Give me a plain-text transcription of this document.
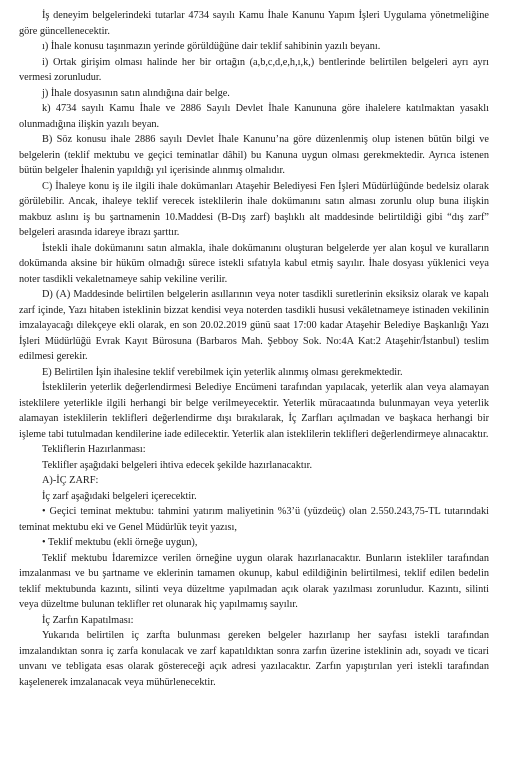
İş deneyim belgelerindeki tutarlar 4734 sayılı Kamu İhale Kanunu Yapım İşleri Uygulama yönetmeliğine göre güncellenecektir.

ı) İhale konusu taşınmazın yerinde görüldüğüne dair teklif sahibinin yazılı beyanı.

i) Ortak girişim olması halinde her bir ortağın (a,b,c,d,e,h,ı,k,) bentlerinde belirtilen belgeleri ayrı ayrı vermesi zorunludur.

j) İhale dosyasının satın alındığına dair belge.

k) 4734 sayılı Kamu İhale ve 2886 Sayılı Devlet İhale Kanununa göre ihalelere katılmaktan yasaklı olunmadığına ilişkin yazılı beyan.

B) Söz konusu ihale 2886 sayılı Devlet İhale Kanunu’na göre düzenlenmiş olup istenen bütün bilgi ve belgelerin (teklif mektubu ve geçici teminatlar dâhil) bu Kanuna uygun olması gerekmektedir. Ayrıca istenen bütün belgeler İhalenin yapıldığı yıl içerisinde alınmış olmalıdır.

C) İhaleye konu iş ile ilgili ihale dokümanları Ataşehir Belediyesi Fen İşleri Müdürlüğünde bedelsiz olarak görülebilir. Ancak, ihaleye teklif verecek isteklilerin ihale dokümanını satın alması zorunlu olup buna ilişkin makbuz aslını iş bu şartnamenin 10.Maddesi (B-Dış zarf) başlıklı alt maddesinde belirtildiği gibi “dış zarf” belgeleri arasında idareye ibrazı şarttır.

İstekli ihale dokümanını satın almakla, ihale dokümanını oluşturan belgelerde yer alan koşul ve kuralların dokümanda aksine bir hüküm olmadığı sürece istekli sıfatıyla kabul etmiş sayılır. İhale dosyası yüklenici veya noter tasdikli vekaletnameye sahip vekiline verilir.

D) (A) Maddesinde belirtilen belgelerin asıllarının veya noter tasdikli suretlerinin eksiksiz olarak ve kapalı zarf içinde, Yazı hitaben isteklinin bizzat kendisi veya noterden tasdikli hususi vekâletnameye istinaden vekilinin imzalayacağı dilekçeye ekli olarak, en son 20.02.2019 günü saat 17:00 kadar Ataşehir Belediye Başkanlığı Yazı İşleri Müdürlüğü Evrak Kayıt Bürosuna (Barbaros Mah. Şebboy Sok. No:4A Kat:2 Ataşehir/İstanbul) teslim edilmesi gerekir.

E) Belirtilen İşin ihalesine teklif verebilmek için yeterlik alınmış olması gerekmektedir.

İsteklilerin yeterlik değerlendirmesi Belediye Encümeni tarafından yapılacak, yeterlik alan veya alamayan isteklilere yeterlikle ilgili herhangi bir belge verilmeyecektir. Yeterlik müracaatında bulunmayan veya yeterlik alamayan isteklilerin teklifleri değerlendirme dışı bırakılarak, İç Zarfları açılmadan ve başkaca herhangi bir işleme tabi tutulmadan kendilerine iade edilecektir. Yeterlik alan isteklilerin teklifleri değerlendirmeye alınacaktır.

Tekliflerin Hazırlanması:

Teklifler aşağıdaki belgeleri ihtiva edecek şekilde hazırlanacaktır.

A)-İÇ ZARF:

İç zarf aşağıdaki belgeleri içerecektir.

• Geçici teminat mektubu: tahmini yatırım maliyetinin %3’ü (yüzdeüç) olan 2.550.243,75-TL tutarındaki teminat mektubu eki ve Genel Müdürlük teyit yazısı,

• Teklif mektubu (ekli örneğe uygun),

Teklif mektubu İdaremizce verilen örneğine uygun olarak hazırlanacaktır. Bunların istekliler tarafından imzalanması ve bu şartname ve eklerinin tamamen okunup, kabul edildiğinin belirtilmesi, teklif edilen bedelin teklif mektubunda kazıntı, silinti veya düzeltme yapılmadan açık olarak yazılması zorunludur. Kazıntı, silinti veya düzeltme bulunan teklifler ret olunarak hiç yapılmamış sayılır.

İç Zarfın Kapatılması:

Yukarıda belirtilen iç zarfta bulunması gereken belgeler hazırlanıp her sayfası istekli tarafından imzalandıktan sonra iç zarfa konulacak ve zarf kapatıldıktan sonra zarfın üzerine isteklinin adı, soyadı ve ticari unvanı ve tebligata esas olarak göstereceği açık adresi yazılacaktır. Zarfın yapıştırılan yeri istekli tarafından kaşelenerek imzalanacak veya mühürlenecektir.
